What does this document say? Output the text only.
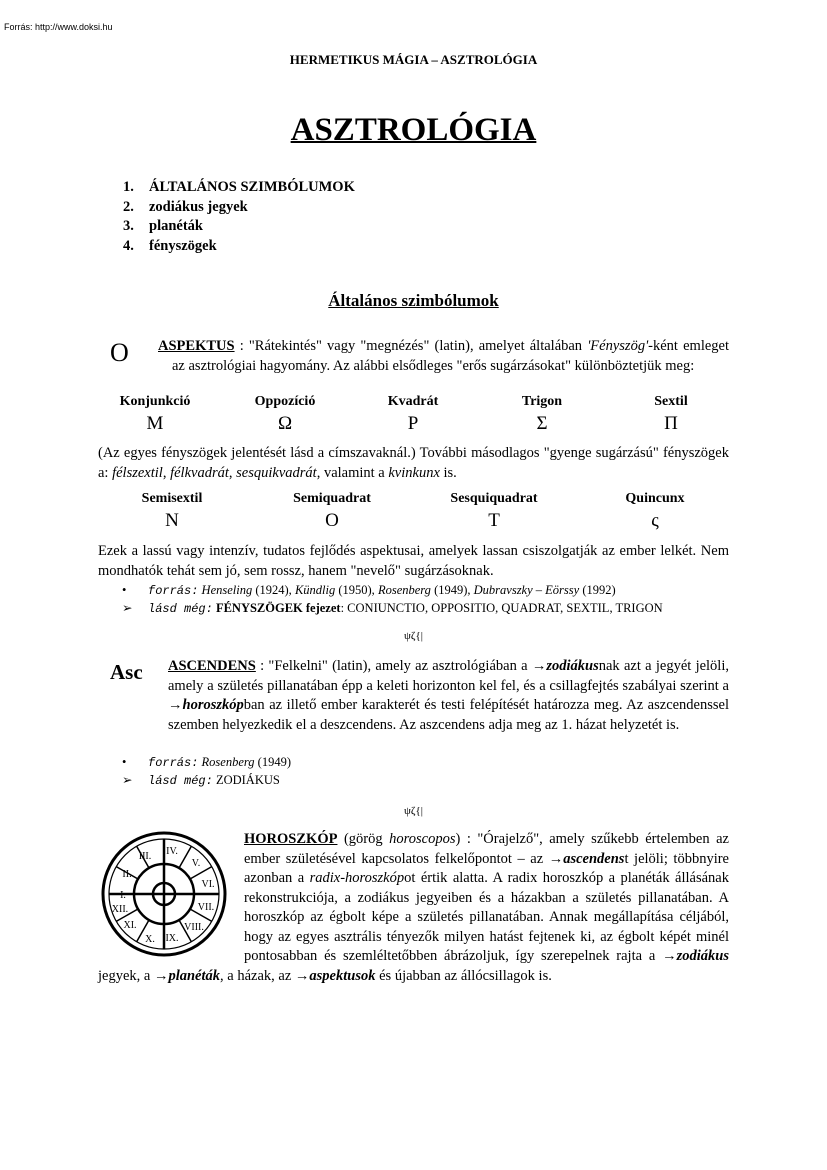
Forrás: http://www.doksi.hu
HERMETIKUS MÁGIA – ASZTROLÓGIA
ASZTROLÓGIA
1. ÁLTALÁNOS SZIMBÓLUMOK
2. zodiákus jegyek
3. planéták
4. fényszögek
Általános szimbólumok
O ASPEKTUS : "Rátekintés" vagy "megnézés" (latin), amelyet általában 'Fényszög'-ként emleget az asztrológiai hagyomány. Az alábbi elsődleges "erős sugárzásokat" különböztetjük meg:
Konjunkció	Oppozíció	Kvadrát	Trigon	Sextil
Μ	Ω	Ρ	Σ	Π
(Az egyes fényszögek jelentését lásd a címszavaknál.) További másodlagos "gyenge sugárzású" fényszögek a: félszextil, félkvadrát, sesquikvadrát, valamint a kvinkunx is.
Semisextil	Semiquadrat	Sesquiquadrat	Quincunx
Ν	Ο	Τ	ς
Ezek a lassú vagy intenzív, tudatos fejlődés aspektusai, amelyek lassan csiszolgatják az ember lelkét. Nem mondhatók tehát sem jó, sem rossz, hanem "nevelő" sugárzásoknak.
• forrás: Henseling (1924), Kündlig (1950), Rosenberg (1949), Dubravszky – Eörssy (1992)
➢ lásd még: FÉNYSZÖGEK fejezet: CONIUNCTIO, OPPOSITIO, QUADRAT, SEXTIL, TRIGON
ψζ{|
Asc	ASCENDENS : "Felkelni" (latin), amely az asztrológiában a →zodiákusnak azt a jegyét jelöli, amely a születés pillanatában épp a keleti horizonton kel fel, és a csillagfejtés szabályai szerint a →horoszkópban az illető ember karakterét és testi felépítését határozza meg. Az aszcendenssel szemben helyezkedik el a deszcendens. Az aszcendens adja meg az 1. házat helyzetét is.
• forrás: Rosenberg (1949)
➢ lásd még: ZODIÁKUS
ψζ{|
I.
II.
III. IV.
V.
VI.
VII.
VIII.
IX.
X.
XI.
XII.
HOROSZKÓP (görög horoscopos) : "Órajelző", amely szűkebb értelemben az ember születésével kapcsolatos felkelőpontot – az →ascendenst jelöli; többnyire azonban a radix-horoszkópot értik alatta. A radix horoszkóp a planéták állásának rekonstrukciója, a zodiákus jegyeiben és a házakban a születés pillanatában. A horoszkóp az égbolt képe a születés pillanatában. Annak megállapítása céljából, hogy az egyes asztrális tényezők milyen hatást fejtenek ki, az égbolt képét minél pontosabban és szemléltetőbben ábrázoljuk, így szerepelnek rajta a →zodiákus jegyek, a →planéták, a házak, az →aspektusok és újabban az állócsillagok is.
